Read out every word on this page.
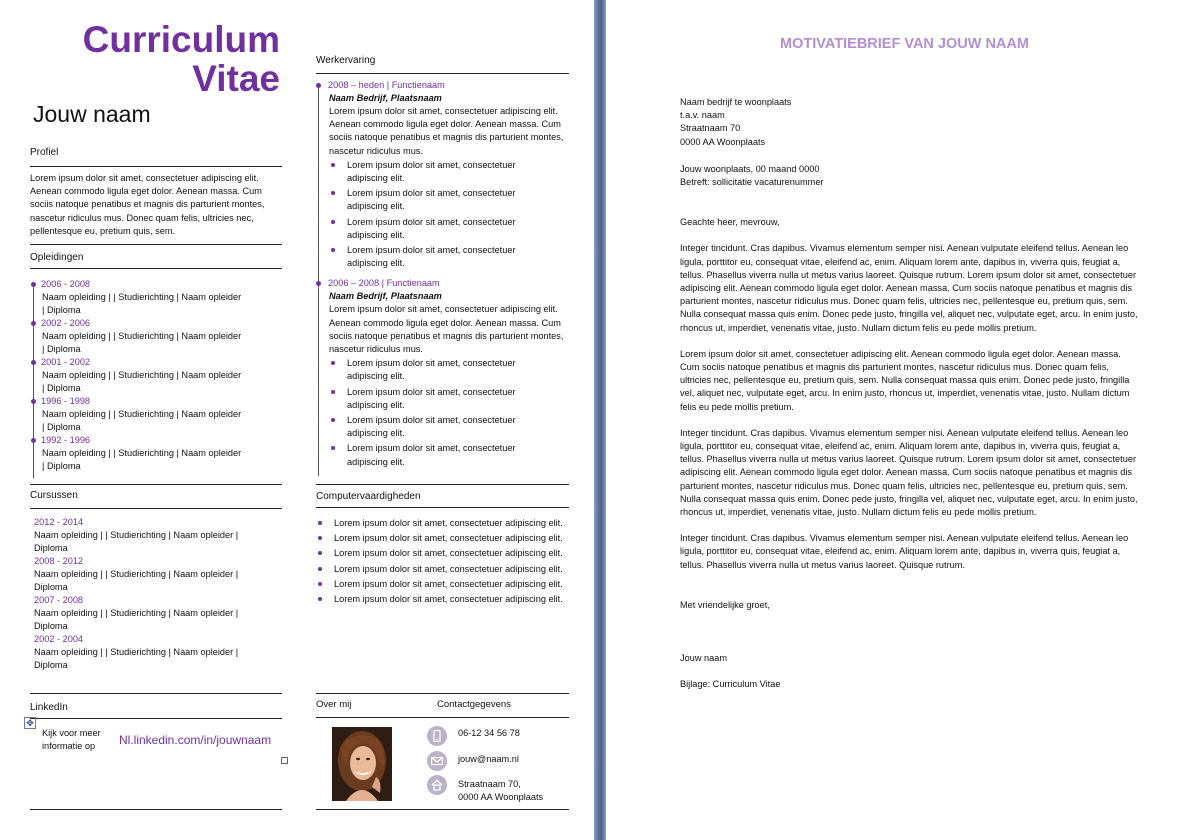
Curriculum
Vitae
Jouw naam
Profiel
Lorem ipsum dolor sit amet, consectetuer adipiscing elit. Aenean commodo ligula eget dolor. Aenean massa. Cum sociis natoque penatibus et magnis dis parturient montes, nascetur ridiculus mus. Donec quam felis, ultricies nec, pellentesque eu, pretium quis, sem.
Opleidingen
2006 - 2008
Naam opleiding | | Studierichting | Naam opleider
| Diploma
2002 - 2006
Naam opleiding | | Studierichting | Naam opleider
| Diploma
2001 - 2002
Naam opleiding | | Studierichting | Naam opleider
| Diploma
1996 - 1998
Naam opleiding | | Studierichting | Naam opleider
| Diploma
1992 - 1996
Naam opleiding | | Studierichting | Naam opleider
| Diploma
Cursussen
2012 - 2014
Naam opleiding | | Studierichting | Naam opleider |
Diploma
2008 - 2012
Naam opleiding | | Studierichting | Naam opleider |
Diploma
2007 - 2008
Naam opleiding | | Studierichting | Naam opleider |
Diploma
2002 - 2004
Naam opleiding | | Studierichting | Naam opleider |
Diploma
LinkedIn
✥
Kijk voor meer informatie op	Nl.linkedin.com/in/jouwnaam
Werkervaring
2008 – heden | Functienaam
Naam Bedrijf, Plaatsnaam
Lorem ipsum dolor sit amet, consectetuer adipiscing elit. Aenean commodo ligula eget dolor. Aenean massa. Cum sociis natoque penatibus et magnis dis parturient montes, nascetur ridiculus mus.
Lorem ipsum dolor sit amet, consectetuer adipiscing elit.
Lorem ipsum dolor sit amet, consectetuer adipiscing elit.
Lorem ipsum dolor sit amet, consectetuer adipiscing elit.
Lorem ipsum dolor sit amet, consectetuer adipiscing elit.
2006 – 2008 | Functienaam
Naam Bedrijf, Plaatsnaam
Lorem ipsum dolor sit amet, consectetuer adipiscing elit. Aenean commodo ligula eget dolor. Aenean massa. Cum sociis natoque penatibus et magnis dis parturient montes, nascetur ridiculus mus.
Lorem ipsum dolor sit amet, consectetuer adipiscing elit.
Lorem ipsum dolor sit amet, consectetuer adipiscing elit.
Lorem ipsum dolor sit amet, consectetuer adipiscing elit.
Lorem ipsum dolor sit amet, consectetuer adipiscing elit.
Computervaardigheden
Lorem ipsum dolor sit amet, consectetuer adipiscing elit.
Lorem ipsum dolor sit amet, consectetuer adipiscing elit.
Lorem ipsum dolor sit amet, consectetuer adipiscing elit.
Lorem ipsum dolor sit amet, consectetuer adipiscing elit.
Lorem ipsum dolor sit amet, consectetuer adipiscing elit.
Lorem ipsum dolor sit amet, consectetuer adipiscing elit.
Over mij	Contactgegevens
06-12 34 56 78
jouw@naam.nl
Straatnaam 70,
0000 AA Woonplaats
MOTIVATIEBRIEF VAN JOUW NAAM
Naam bedrijf te woonplaats
t.a.v. naam
Straatnaam 70
0000 AA Woonplaats
Jouw woonplaats, 00 maand 0000
Betreft: sollicitatie vacaturenummer
Geachte heer, mevrouw,

Integer tincidunt. Cras dapibus. Vivamus elementum semper nisi. Aenean vulputate eleifend tellus. Aenean leo ligula, porttitor eu, consequat vitae, eleifend ac, enim. Aliquam lorem ante, dapibus in, viverra quis, feugiat a, tellus. Phasellus viverra nulla ut metus varius laoreet. Quisque rutrum. Lorem ipsum dolor sit amet, consectetuer adipiscing elit. Aenean commodo ligula eget dolor. Aenean massa. Cum sociis natoque penatibus et magnis dis parturient montes, nascetur ridiculus mus. Donec quam felis, ultricies nec, pellentesque eu, pretium quis, sem. Nulla consequat massa quis enim. Donec pede justo, fringilla vel, aliquet nec, vulputate eget, arcu. In enim justo, rhoncus ut, imperdiet, venenatis vitae, justo. Nullam dictum felis eu pede mollis pretium.

Lorem ipsum dolor sit amet, consectetuer adipiscing elit. Aenean commodo ligula eget dolor. Aenean massa. Cum sociis natoque penatibus et magnis dis parturient montes, nascetur ridiculus mus. Donec quam felis, ultricies nec, pellentesque eu, pretium quis, sem. Nulla consequat massa quis enim. Donec pede justo, fringilla vel, aliquet nec, vulputate eget, arcu. In enim justo, rhoncus ut, imperdiet, venenatis vitae, justo. Nullam dictum felis eu pede mollis pretium.

Integer tincidunt. Cras dapibus. Vivamus elementum semper nisi. Aenean vulputate eleifend tellus. Aenean leo ligula, porttitor eu, consequat vitae, eleifend ac, enim. Aliquam lorem ante, dapibus in, viverra quis, feugiat a, tellus. Phasellus viverra nulla ut metus varius laoreet. Quisque rutrum. Lorem ipsum dolor sit amet, consectetuer adipiscing elit. Aenean commodo ligula eget dolor. Aenean massa. Cum sociis natoque penatibus et magnis dis parturient montes, nascetur ridiculus mus. Donec quam felis, ultricies nec, pellentesque eu, pretium quis, sem. Nulla consequat massa quis enim. Donec pede justo, fringilla vel, aliquet nec, vulputate eget, arcu. In enim justo, rhoncus ut, imperdiet, venenatis vitae, justo. Nullam dictum felis eu pede mollis pretium.

Integer tincidunt. Cras dapibus. Vivamus elementum semper nisi. Aenean vulputate eleifend tellus. Aenean leo ligula, porttitor eu, consequat vitae, eleifend ac, enim. Aliquam lorem ante, dapibus in, viverra quis, feugiat a, tellus. Phasellus viverra nulla ut metus varius laoreet. Quisque rutrum.

Met vriendelijke groet,
Jouw naam
Bijlage: Curriculum Vitae
